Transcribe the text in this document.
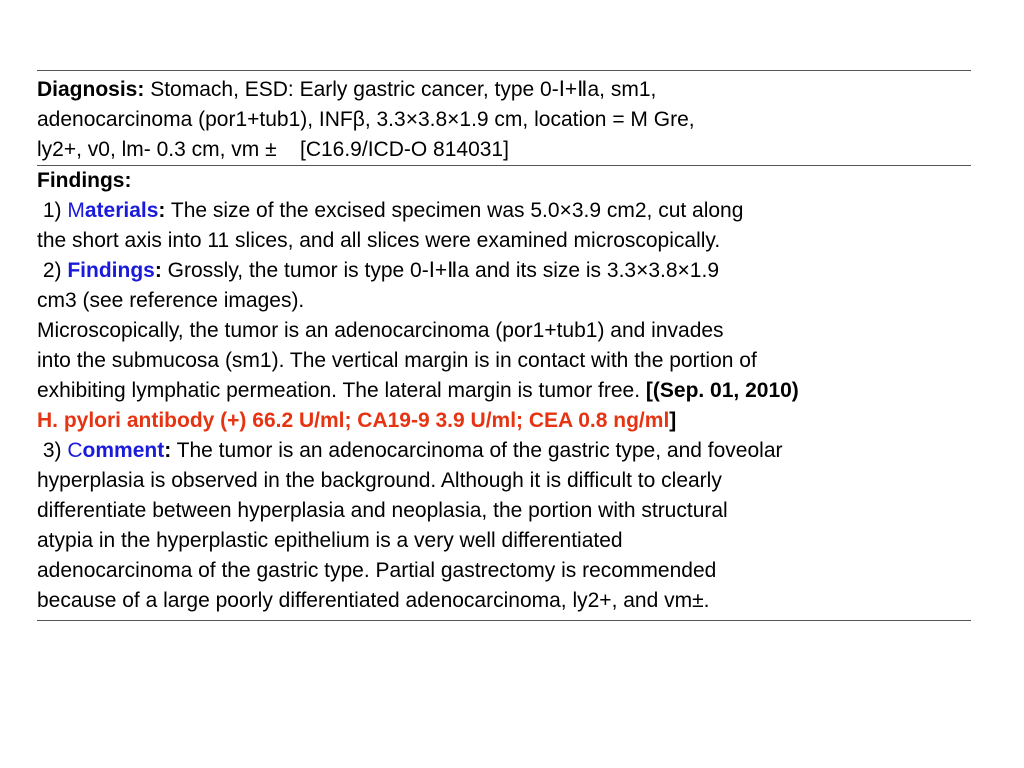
Diagnosis: Stomach, ESD: Early gastric cancer, type 0-Ⅰ+Ⅱa, sm1,
adenocarcinoma (por1+tub1), INFβ, 3.3×3.8×1.9 cm, location = M Gre,
ly2+, v0, lm- 0.3 cm, vm ±    [C16.9/ICD-O 814031]
Findings:
1) Materials: The size of the excised specimen was 5.0×3.9 cm2, cut along
the short axis into 11 slices, and all slices were examined microscopically.
2) Findings: Grossly, the tumor is type 0-Ⅰ+Ⅱa and its size is 3.3×3.8×1.9
cm3 (see reference images).
Microscopically, the tumor is an adenocarcinoma (por1+tub1) and invades
into the submucosa (sm1). The vertical margin is in contact with the portion of
exhibiting lymphatic permeation. The lateral margin is tumor free. [(Sep. 01, 2010)
H. pylori antibody (+) 66.2 U/ml; CA19-9 3.9 U/ml; CEA 0.8 ng/ml]
3) Comment: The tumor is an adenocarcinoma of the gastric type, and foveolar
hyperplasia is observed in the background. Although it is difficult to clearly
differentiate between hyperplasia and neoplasia, the portion with structural
atypia in the hyperplastic epithelium is a very well differentiated
adenocarcinoma of the gastric type. Partial gastrectomy is recommended
because of a large poorly differentiated adenocarcinoma, ly2+, and vm±.
